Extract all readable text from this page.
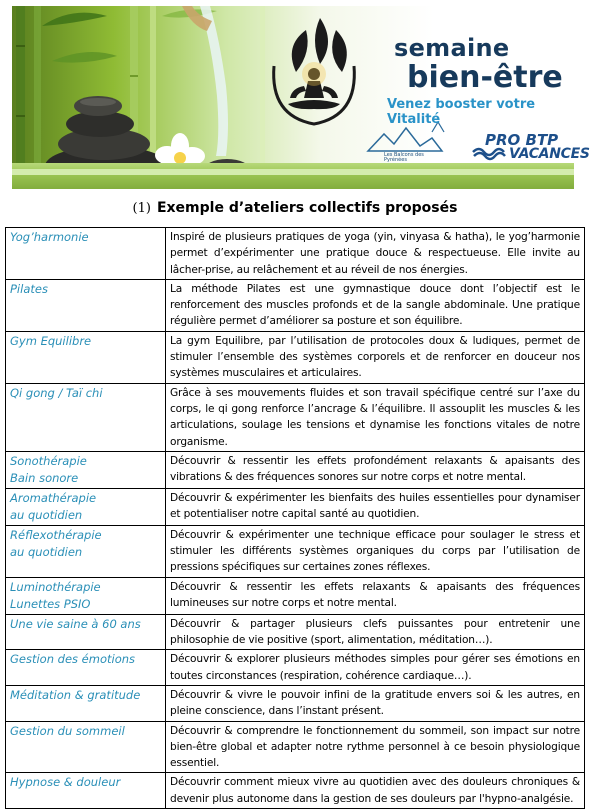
semaine
bien-être
Venez booster votre Vitalité
Les Balcons des Pyrénées
PRO BTP
VACANCES
(1) Exemple d’ateliers collectifs proposés
Yog’harmonie	Inspiré de plusieurs pratiques de yoga (yin, vinyasa & hatha), le yog’harmonie permet d’expérimenter une pratique douce & respectueuse. Elle invite au lâcher-prise, au relâchement et au réveil de nos énergies.

Pilates	La méthode Pilates est une gymnastique douce dont l’objectif est le renforcement des muscles profonds et de la sangle abdominale. Une pratique régulière permet d’améliorer sa posture et son équilibre.

Gym Equilibre	La gym Equilibre, par l’utilisation de protocoles doux & ludiques, permet de stimuler l’ensemble des systèmes corporels et de renforcer en douceur nos systèmes musculaires et articulaires.

Qi gong / Taï chi	Grâce à ses mouvements fluides et son travail spécifique centré sur l’axe du corps, le qi gong renforce l’ancrage & l’équilibre. Il assouplit les muscles & les articulations, soulage les tensions et dynamise les fonctions vitales de notre organisme.

Sonothérapie
Bain sonore	Découvrir & ressentir les effets profondément relaxants & apaisants des vibrations & des fréquences sonores sur notre corps et notre mental.

Aromathérapie
au quotidien	Découvrir & expérimenter les bienfaits des huiles essentielles pour dynamiser et potentialiser notre capital santé au quotidien.

Réflexothérapie
au quotidien	Découvrir & expérimenter une technique efficace pour soulager le stress et stimuler les différents systèmes organiques du corps par l’utilisation de pressions spécifiques sur certaines zones réflexes.

Luminothérapie
Lunettes PSIO	Découvrir & ressentir les effets relaxants & apaisants des fréquences lumineuses sur notre corps et notre mental.

Une vie saine à 60 ans	Découvrir & partager plusieurs clefs puissantes pour entretenir une philosophie de vie positive (sport, alimentation, méditation…).

Gestion des émotions	Découvrir & explorer plusieurs méthodes simples pour gérer ses émotions en toutes circonstances (respiration, cohérence cardiaque…).

Méditation & gratitude	Découvrir & vivre le pouvoir infini de la gratitude envers soi & les autres, en pleine conscience, dans l’instant présent.

Gestion du sommeil	Découvrir & comprendre le fonctionnement du sommeil, son impact sur notre bien-être global et adapter notre rythme personnel à ce besoin physiologique essentiel.

Hypnose & douleur	Découvrir comment mieux vivre au quotidien avec des douleurs chroniques & devenir plus autonome dans la gestion de ses douleurs par l'hypno-analgésie.
